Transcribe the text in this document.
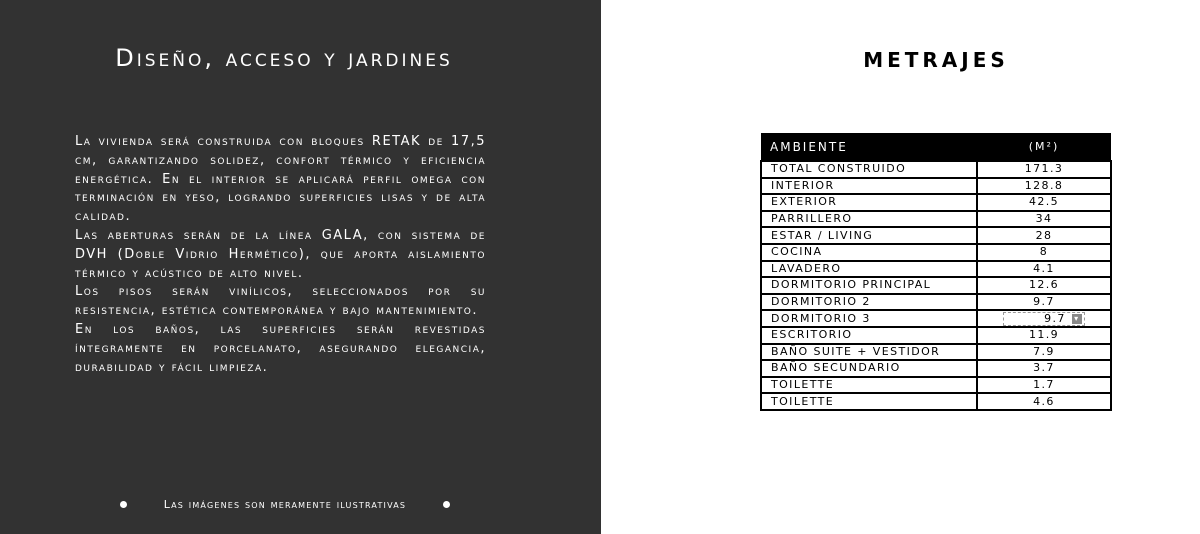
Diseño, acceso y jardines

La vivienda será construida con bloques RETAK de 17,5 cm, garantizando solidez, confort térmico y eficiencia energética. En el interior se aplicará perfil omega con terminación en yeso, logrando superficies lisas y de alta calidad.

Las aberturas serán de la línea GALA, con sistema de DVH (Doble Vidrio Hermético), que aporta aislamiento térmico y acústico de alto nivel.

Los pisos serán vinílicos, seleccionados por su resistencia, estética contemporánea y bajo mantenimiento.

En los baños, las superficies serán revestidas íntegramente en porcelanato, asegurando elegancia, durabilidad y fácil limpieza.

Las imágenes son meramente ilustrativas
METRAJES
AMBIENTE	(M²)
TOTAL CONSTRUIDO	171.3
INTERIOR	128.8
EXTERIOR	42.5
PARRILLERO	34
ESTAR / LIVING	28
COCINA	8
LAVADERO	4.1
DORMITORIO PRINCIPAL	12.6
DORMITORIO 2	9.7
DORMITORIO 3	9.7 ▾

ESCRITORIO	11.9
BAÑO SUITE + VESTIDOR	7.9
BAÑO SECUNDARIO	3.7
TOILETTE	1.7
TOILETTE	4.6
